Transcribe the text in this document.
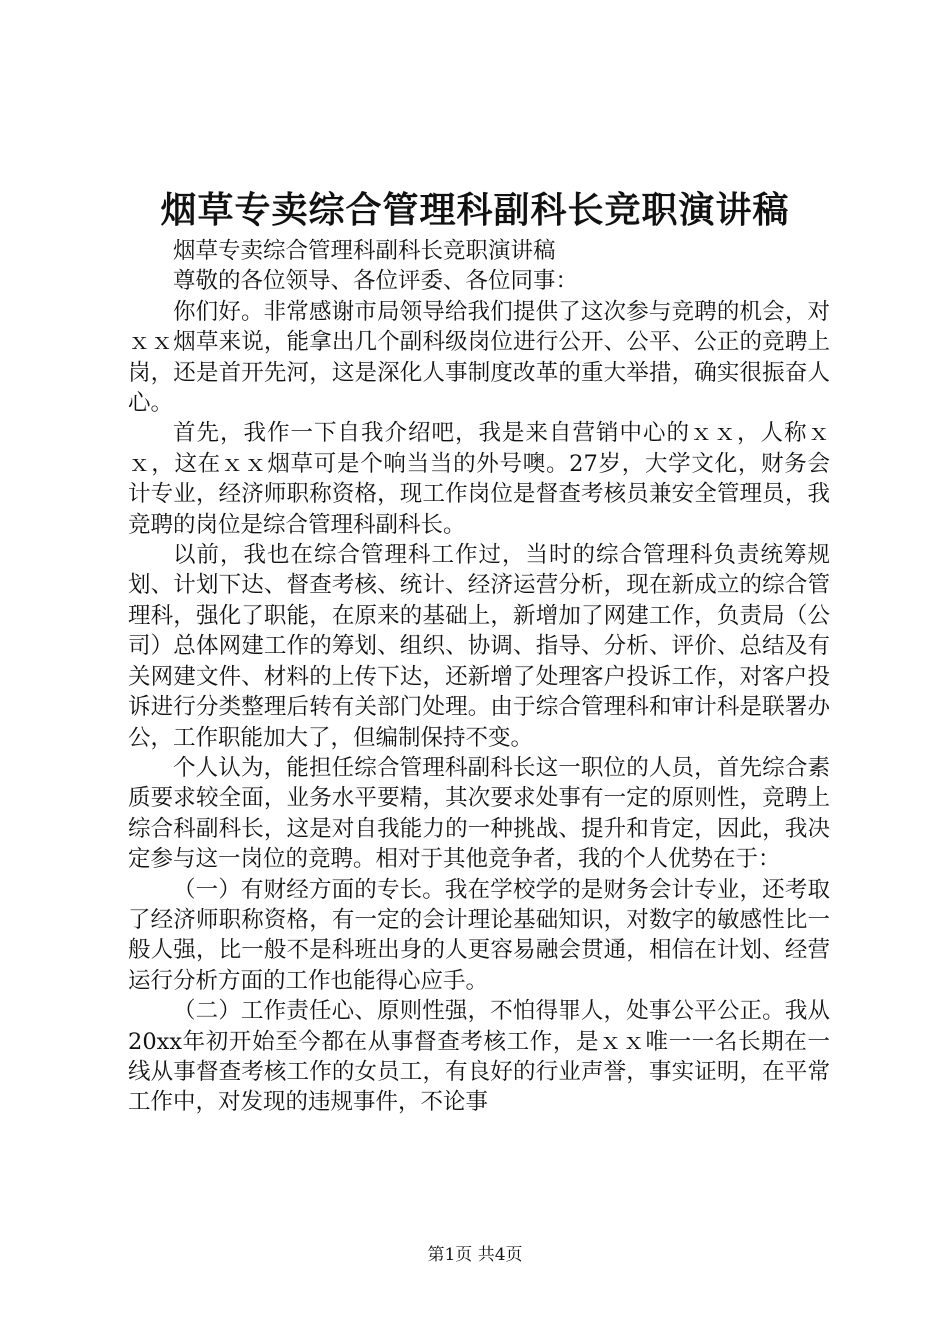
烟草专卖综合管理科副科长竞职演讲稿

烟草专卖综合管理科副科长竞职演讲稿

尊敬的各位领导、各位评委、各位同事：

你们好。非常感谢市局领导给我们提供了这次参与竞聘的机会，对ｘｘ烟草来说，能拿出几个副科级岗位进行公开、公平、公正的竞聘上岗，还是首开先河，这是深化人事制度改革的重大举措，确实很振奋人心。

首先，我作一下自我介绍吧，我是来自营销中心的ｘｘ，人称ｘｘ，这在ｘｘ烟草可是个响当当的外号噢。27岁，大学文化，财务会计专业，经济师职称资格，现工作岗位是督查考核员兼安全管理员，我竞聘的岗位是综合管理科副科长。

以前，我也在综合管理科工作过，当时的综合管理科负责统筹规划、计划下达、督查考核、统计、经济运营分析，现在新成立的综合管理科，强化了职能，在原来的基础上，新增加了网建工作，负责局（公司）总体网建工作的筹划、组织、协调、指导、分析、评价、总结及有关网建文件、材料的上传下达，还新增了处理客户投诉工作，对客户投诉进行分类整理后转有关部门处理。由于综合管理科和审计科是联署办公，工作职能加大了，但编制保持不变。

个人认为，能担任综合管理科副科长这一职位的人员，首先综合素质要求较全面，业务水平要精，其次要求处事有一定的原则性，竞聘上综合科副科长，这是对自我能力的一种挑战、提升和肯定，因此，我决定参与这一岗位的竞聘。相对于其他竞争者，我的个人优势在于：

（一）有财经方面的专长。我在学校学的是财务会计专业，还考取了经济师职称资格，有一定的会计理论基础知识，对数字的敏感性比一般人强，比一般不是科班出身的人更容易融会贯通，相信在计划、经营运行分析方面的工作也能得心应手。

（二）工作责任心、原则性强，不怕得罪人，处事公平公正。我从20xx年初开始至今都在从事督查考核工作，是ｘｘ唯一一名长期在一线从事督查考核工作的女员工，有良好的行业声誉，事实证明，在平常工作中，对发现的违规事件，不论事

第1页 共4页
